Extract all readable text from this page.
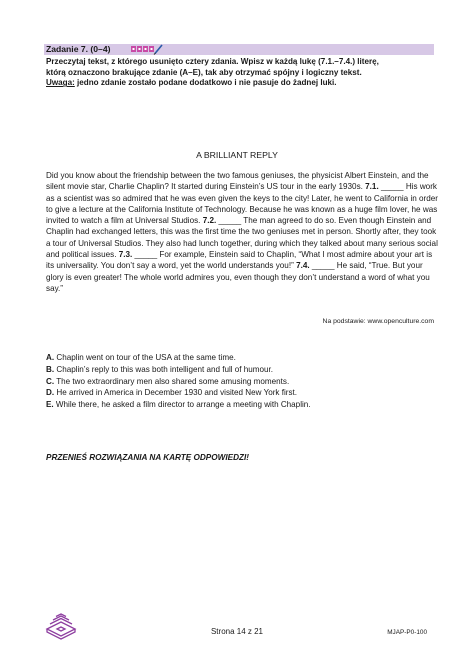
Zadanie 7. (0–4)
Przeczytaj tekst, z którego usunięto cztery zdania. Wpisz w każdą lukę (7.1.–7.4.) literę,
którą oznaczono brakujące zdanie (A–E), tak aby otrzymać spójny i logiczny tekst.
Uwaga: jedno zdanie zostało podane dodatkowo i nie pasuje do żadnej luki.
A BRILLIANT REPLY
Did you know about the friendship between the two famous geniuses, the physicist Albert Einstein, and the silent movie star, Charlie Chaplin? It started during Einstein’s US tour in the early 1930s. 7.1. _____ His work as a scientist was so admired that he was even given the keys to the city! Later, he went to California in order to give a lecture at the California Institute of Technology. Because he was known as a huge film lover, he was invited to watch a film at Universal Studios. 7.2. _____ The man agreed to do so. Even though Einstein and Chaplin had exchanged letters, this was the first time the two geniuses met in person. Shortly after, they took a tour of Universal Studios. They also had lunch together, during which they talked about many serious social and political issues. 7.3. _____ For example, Einstein said to Chaplin, “What I most admire about your art is its universality. You don’t say a word, yet the world understands you!” 7.4. _____ He said, “True. But your glory is even greater! The whole world admires you, even though they don’t understand a word of what you say.”
Na podstawie: www.openculture.com
A. Chaplin went on tour of the USA at the same time.
B. Chaplin’s reply to this was both intelligent and full of humour.
C. The two extraordinary men also shared some amusing moments.
D. He arrived in America in December 1930 and visited New York first.
E. While there, he asked a film director to arrange a meeting with Chaplin.
PRZENIEŚ ROZWIĄZANIA NA KARTĘ ODPOWIEDZI!
Strona 14 z 21	MJAP-P0-100
